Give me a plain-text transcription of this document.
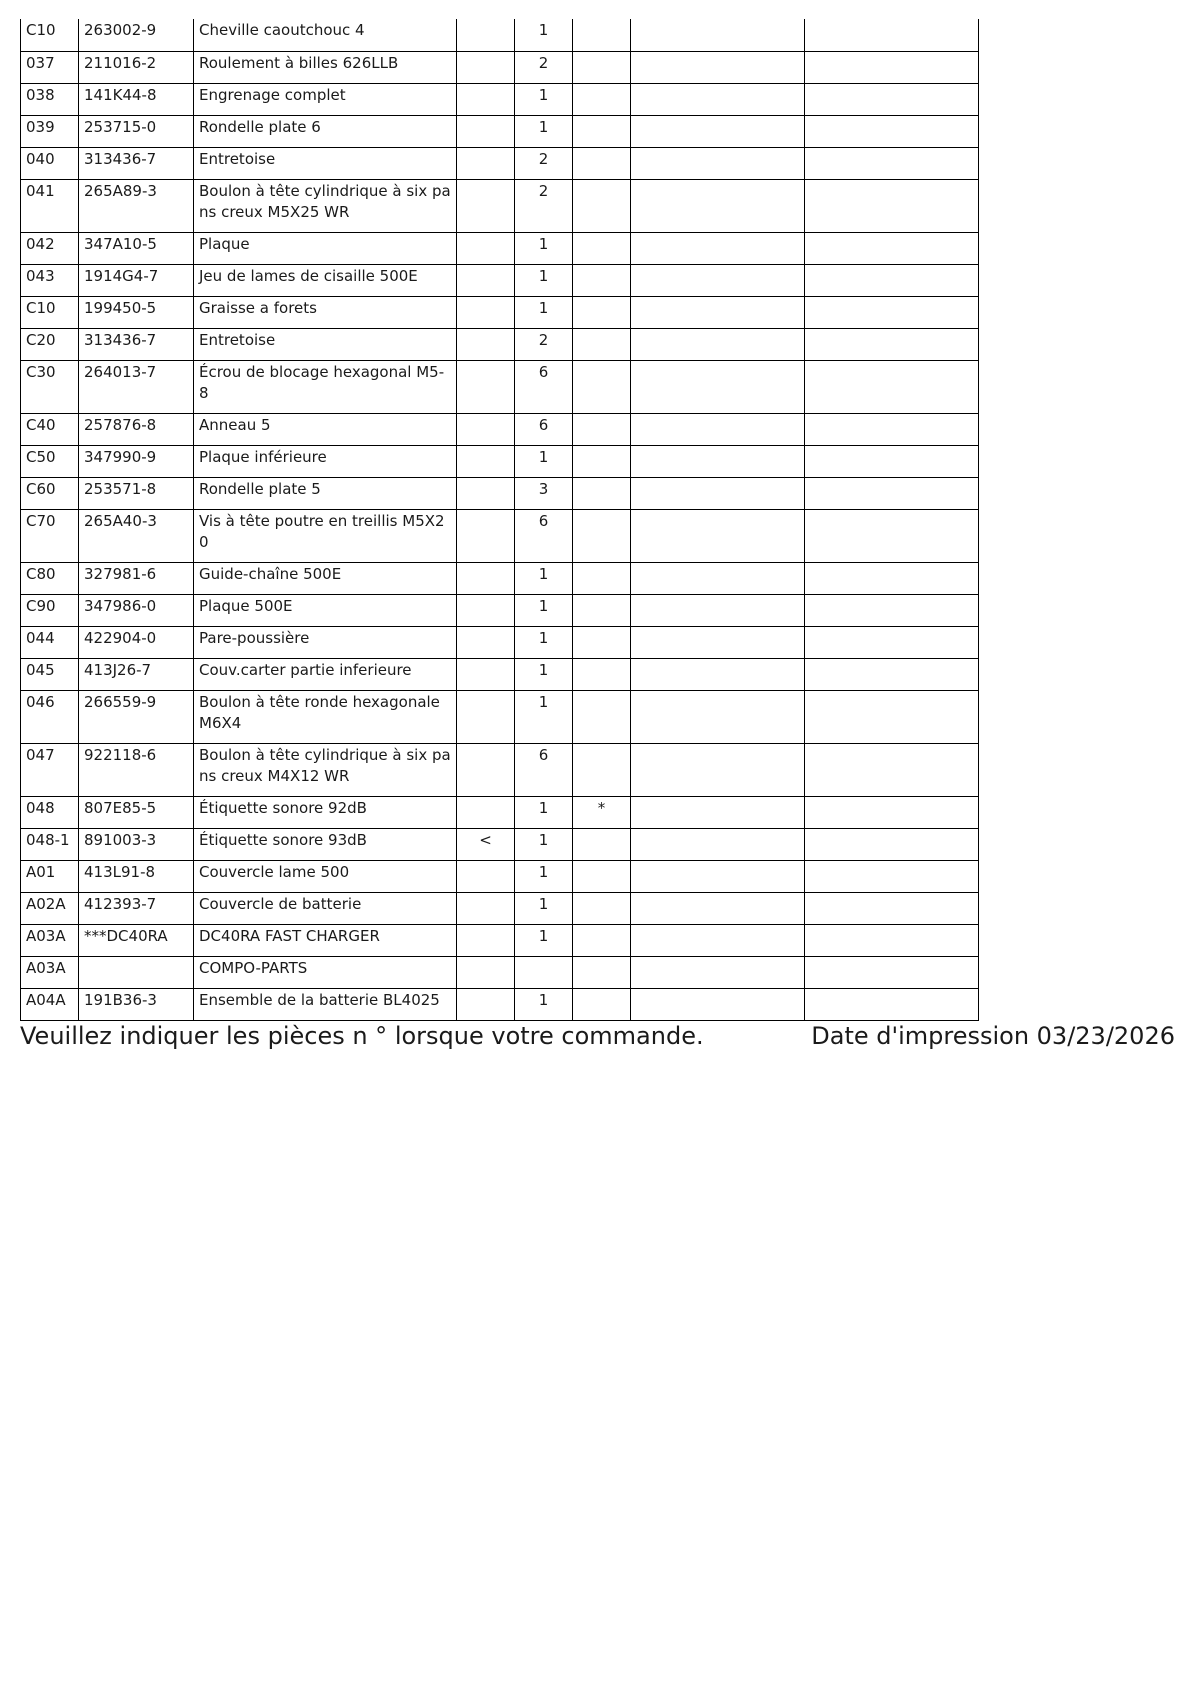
C10	263002-9	Cheville caoutchouc 4		1			
037	211016-2	Roulement à billes 626LLB		2			
038	141K44-8	Engrenage complet		1			
039	253715-0	Rondelle plate 6		1			
040	313436-7	Entretoise		2			
041	265A89-3	Boulon à tête cylindrique à six pans creux M5X25 WR		2			
042	347A10-5	Plaque		1			
043	1914G4-7	Jeu de lames de cisaille 500E		1			
C10	199450-5	Graisse a forets		1			
C20	313436-7	Entretoise		2			
C30	264013-7	Écrou de blocage hexagonal M5-8		6			
C40	257876-8	Anneau 5		6			
C50	347990-9	Plaque inférieure		1			
C60	253571-8	Rondelle plate 5		3			
C70	265A40-3	Vis à tête poutre en treillis M5X20		6			
C80	327981-6	Guide-chaîne 500E		1			
C90	347986-0	Plaque 500E		1			
044	422904-0	Pare-poussière		1			
045	413J26-7	Couv.carter partie inferieure		1			
046	266559-9	Boulon à tête ronde hexagonale M6X4		1			
047	922118-6	Boulon à tête cylindrique à six pans creux M4X12 WR		6			
048	807E85-5	Étiquette sonore 92dB		1	*		
048-1	891003-3	Étiquette sonore 93dB	<	1			
A01	413L91-8	Couvercle lame 500		1			
A02A	412393-7	Couvercle de batterie		1			
A03A	***DC40RA	DC40RA FAST CHARGER		1			
A03A		COMPO-PARTS					
A04A	191B36-3	Ensemble de la batterie BL4025		1			
Veuillez indiquer les pièces n ° lorsque votre commande.	Date d'impression 03/23/2026
